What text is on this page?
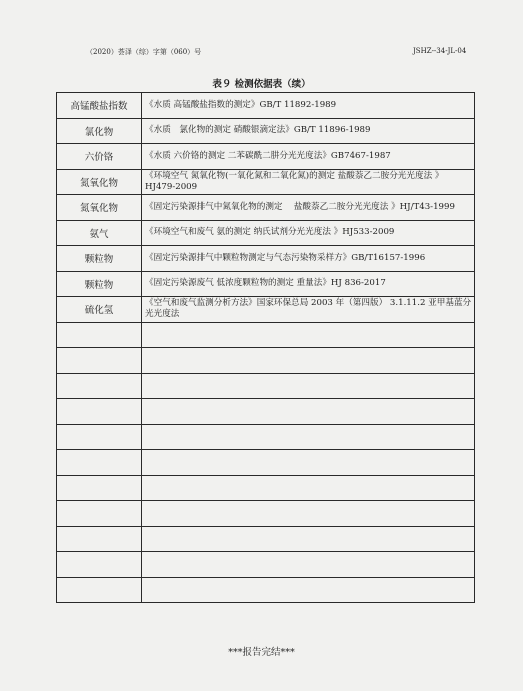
（2020）荟泽（综）字第（060）号	JSHZ--34-JL-04
表９ 检测依据表（续）
高锰酸盐指数	《水质 高锰酸盐指数的测定》GB/T 11892-1989
氯化物	《水质　氯化物的测定 硝酸银滴定法》GB/T 11896-1989
六价铬	《水质 六价铬的测定 二苯碳酰二肼分光光度法》GB7467-1987
氮氧化物	《环境空气 氮氧化物(一氧化氮和二氧化氮)的测定 盐酸萘乙二胺分光光度法 》HJ479-2009
氮氧化物	《固定污染源排气中氮氧化物的测定　 盐酸萘乙二胺分光光度法 》HJ/T43-1999
氨气	《环境空气和废气 氨的测定 纳氏试剂分光光度法 》HJ533-2009
颗粒物	《固定污染源排气中颗粒物测定与气态污染物采样方》GB/T16157-1996
颗粒物	《固定污染源废气 低浓度颗粒物的测定 重量法》HJ 836-2017
硫化氢	《空气和废气监测分析方法》国家环保总局 2003 年（第四版） 3.1.11.2 亚甲基蓝分光光度法

***报告完结***
